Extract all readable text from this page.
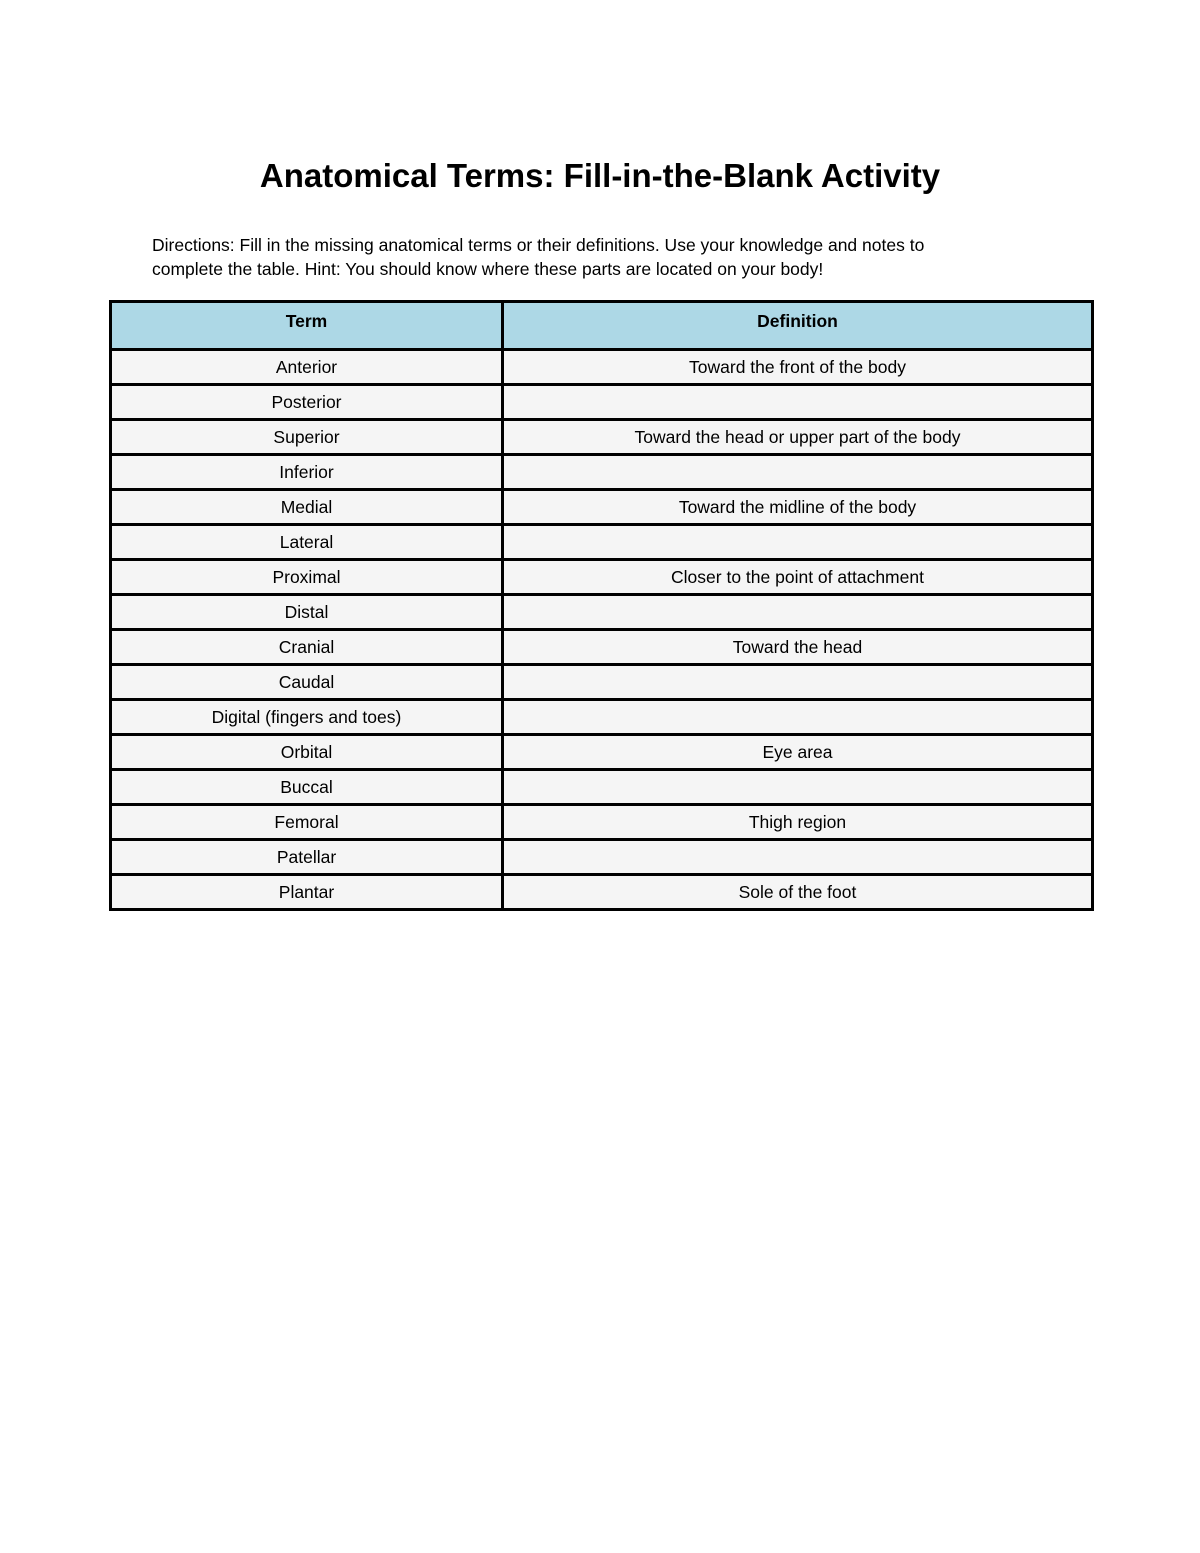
Anatomical Terms: Fill-in-the-Blank Activity

Directions: Fill in the missing anatomical terms or their definitions. Use your knowledge and notes to
complete the table. Hint: You should know where these parts are located on your body!

Term	Definition
Anterior	Toward the front of the body
Posterior	
Superior	Toward the head or upper part of the body
Inferior	
Medial	Toward the midline of the body
Lateral	
Proximal	Closer to the point of attachment
Distal	
Cranial	Toward the head
Caudal	
Digital (fingers and toes)	
Orbital	Eye area
Buccal	
Femoral	Thigh region
Patellar	
Plantar	Sole of the foot
